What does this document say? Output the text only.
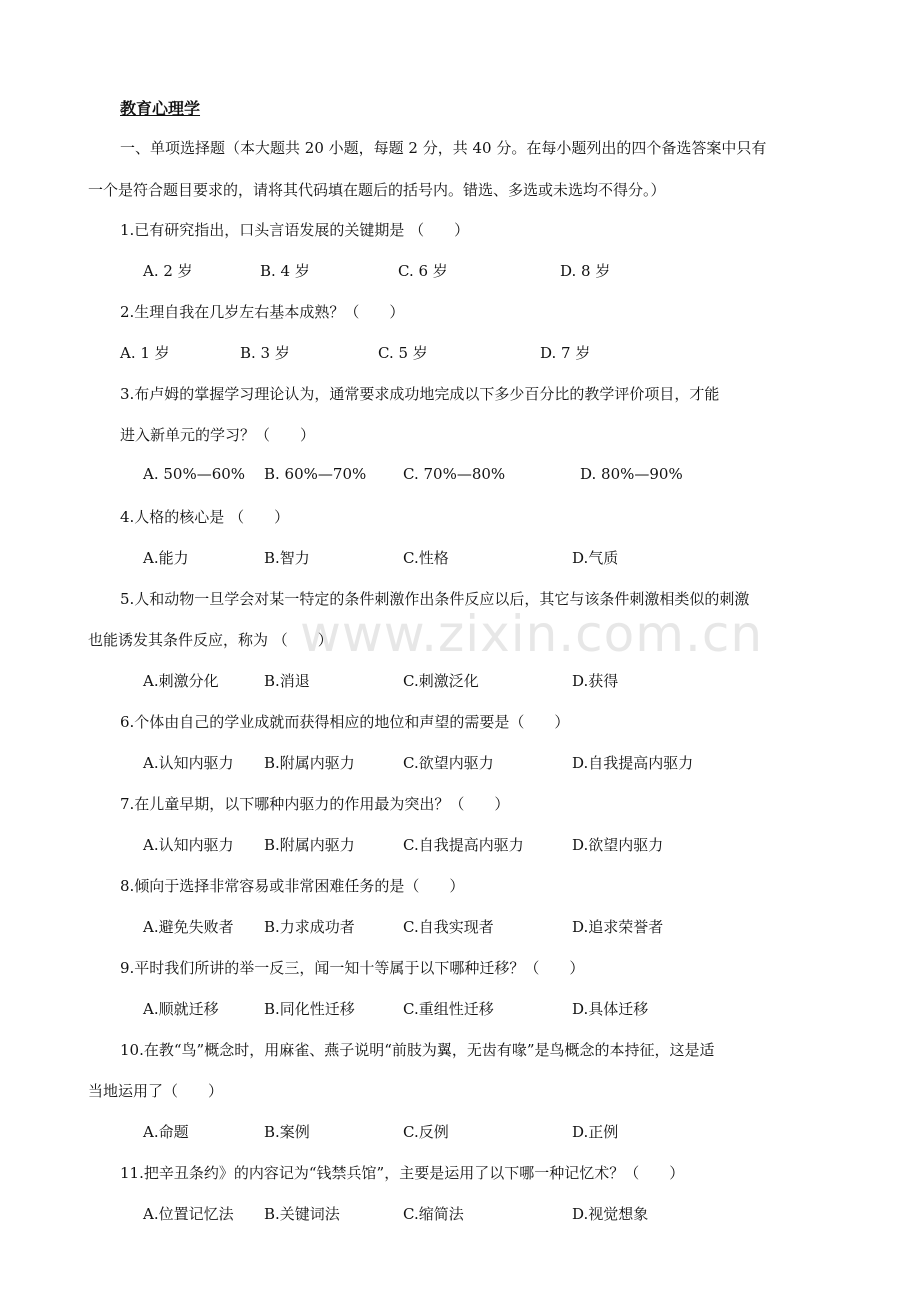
www.zixin.com.cn
教育心理学
一、单项选择题（本大题共 20 小题，每题 2 分，共 40 分。在每小题列出的四个备选答案中只有
一个是符合题目要求的，请将其代码填在题后的括号内。错选、多选或未选均不得分。）
1.已有研究指出，口头言语发展的关键期是 （　　）
A. 2 岁	B. 4 岁	C. 6 岁	D. 8 岁
2.生理自我在几岁左右基本成熟？（　　）
A. 1 岁	B. 3 岁	C. 5 岁	D. 7 岁
3.布卢姆的掌握学习理论认为，通常要求成功地完成以下多少百分比的教学评价项目，才能
进入新单元的学习？（　　）
A. 50%—60% B. 60%—70% C. 70%—80%	D. 80%—90%
4.人格的核心是 （　　）
A.能力	B.智力	C.性格	D.气质
5.人和动物一旦学会对某一特定的条件刺激作出条件反应以后，其它与该条件刺激相类似的刺激
也能诱发其条件反应，称为 （　　）
A.刺激分化	B.消退	C.刺激泛化	D.获得
6.个体由自己的学业成就而获得相应的地位和声望的需要是（　　）
A.认知内驱力 B.附属内驱力	C.欲望内驱力	D.自我提高内驱力
7.在儿童早期，以下哪种内驱力的作用最为突出？（　　）
A.认知内驱力 B.附属内驱力	C.自我提高内驱力	D.欲望内驱力
8.倾向于选择非常容易或非常困难任务的是（　　）
A.避免失败者 B.力求成功者	C.自我实现者	D.追求荣誉者
9.平时我们所讲的举一反三，闻一知十等属于以下哪种迁移？（　　）
A.顺就迁移	B.同化性迁移	C.重组性迁移	D.具体迁移
10.在教“鸟”概念时，用麻雀、燕子说明“前肢为翼，无齿有喙”是鸟概念的本持征，这是适
当地运用了（　　）
A.命题	B.案例	C.反例	D.正例
11.把辛丑条约》的内容记为“钱禁兵馆”，主要是运用了以下哪一种记忆术？（　　）
A.位置记忆法 B.关键词法	C.缩简法	D.视觉想象
